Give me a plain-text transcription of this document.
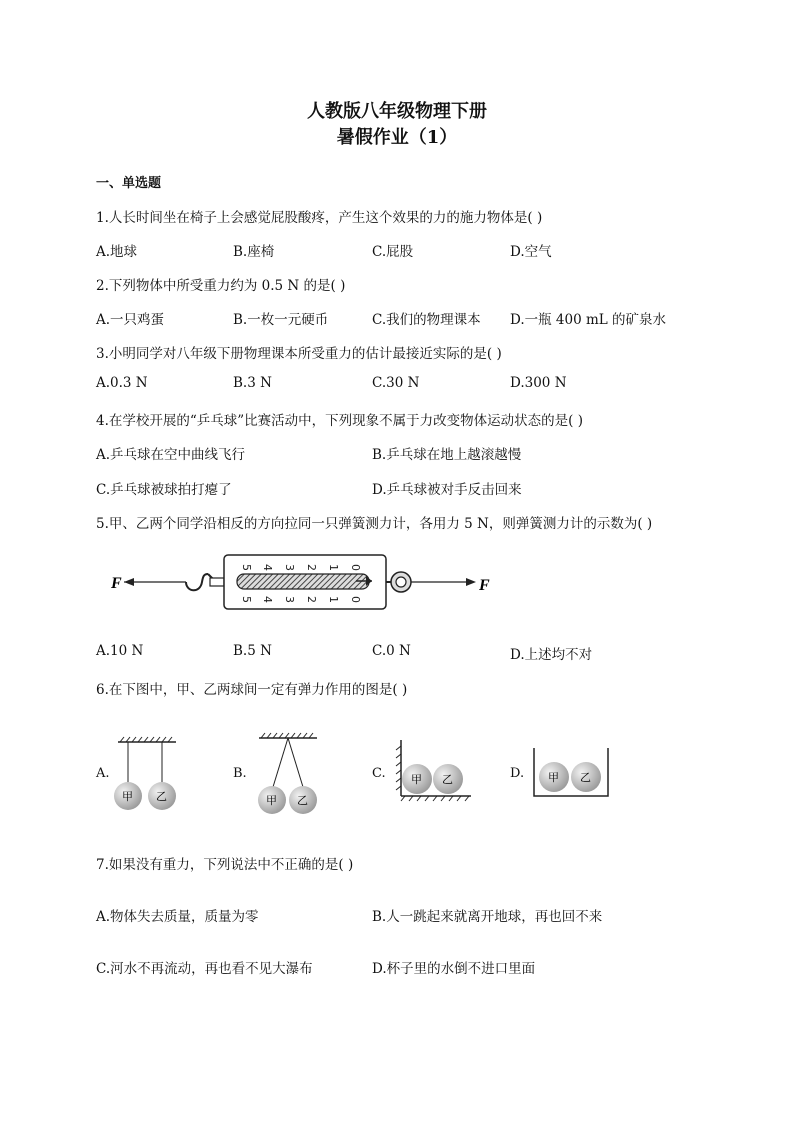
人教版八年级物理下册
暑假作业（1）
一、单选题
1.人长时间坐在椅子上会感觉屁股酸疼，产生这个效果的力的施力物体是( )
A.地球	B.座椅	C.屁股	D.空气
2.下列物体中所受重力约为 0.5 N 的是( )
A.一只鸡蛋	B.一枚一元硬币	C.我们的物理课本 D.一瓶 400 mL 的矿泉水
3.小明同学对八年级下册物理课本所受重力的估计最接近实际的是( )
A.0.3 N	B.3 N	C.30 N	D.300 N
4.在学校开展的“乒乓球”比赛活动中，下列现象不属于力改变物体运动状态的是( )
A.乒乓球在空中曲线飞行	B.乒乓球在地上越滚越慢
C.乒乓球被球拍打瘪了	D.乒乓球被对手反击回来
5.甲、乙两个同学沿相反的方向拉同一只弹簧测力计，各用力 5 N，则弹簧测力计的示数为( )
F
5 4 3 2 1 0
5 4 3 2 1 0
F
A.10 N	B.5 N	C.0 N	D.上述均不对
6.在下图中，甲、乙两球间一定有弹力作用的图是( )
A.
甲 乙
B.
甲 乙
C. 甲 乙	D. 甲 乙
7.如果没有重力，下列说法中不正确的是( )
A.物体失去质量，质量为零	B.人一跳起来就离开地球，再也回不来
C.河水不再流动，再也看不见大瀑布	D.杯子里的水倒不进口里面
